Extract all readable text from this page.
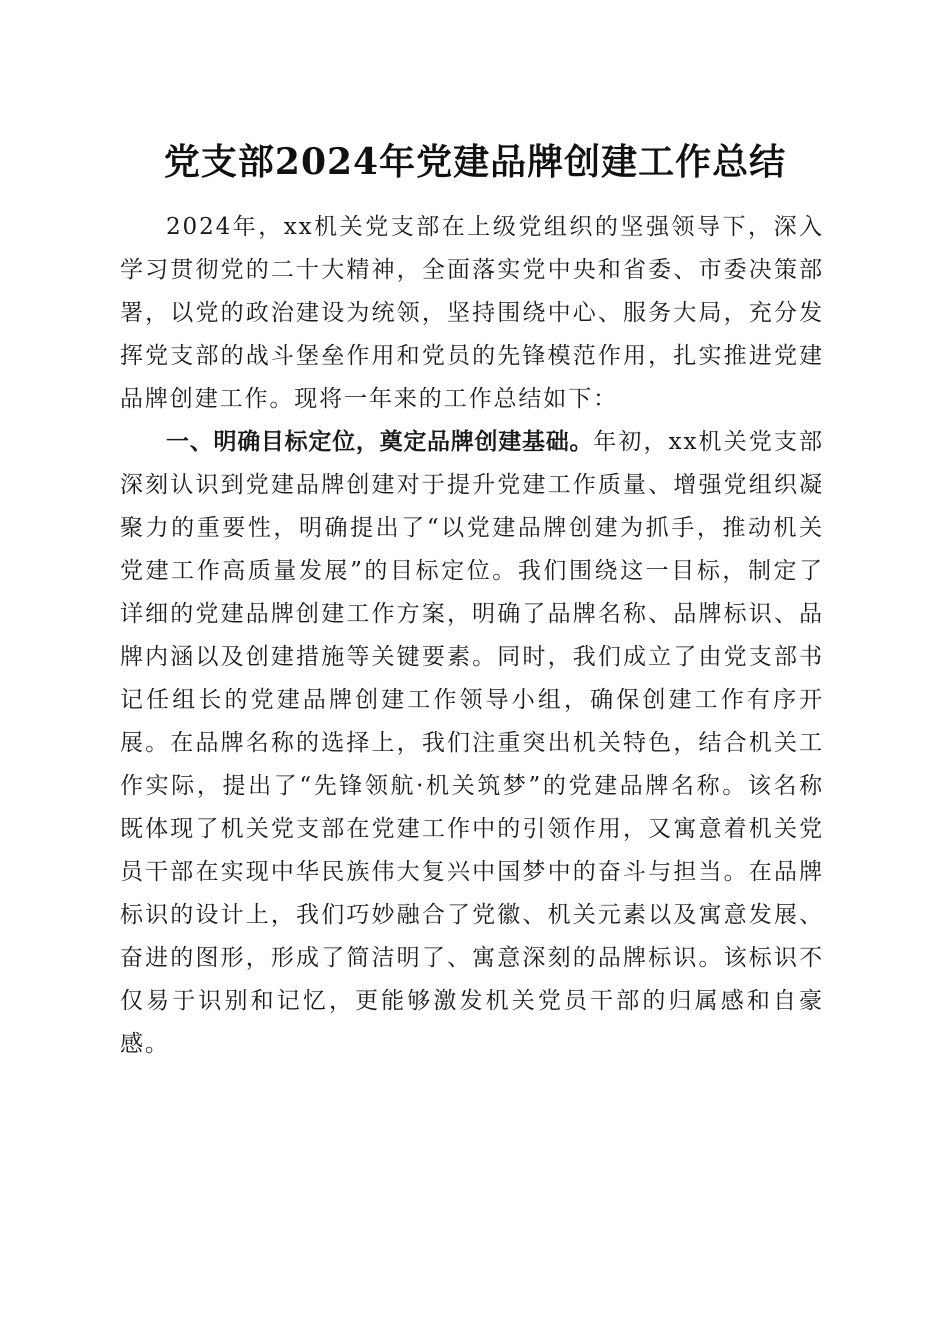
党支部2024年党建品牌创建工作总结

2024年，xx机关党支部在上级党组织的坚强领导下，深入学习贯彻党的二十大精神，全面落实党中央和省委、市委决策部署，以党的政治建设为统领，坚持围绕中心、服务大局，充分发挥党支部的战斗堡垒作用和党员的先锋模范作用，扎实推进党建品牌创建工作。现将一年来的工作总结如下：

一、明确目标定位，奠定品牌创建基础。年初，xx机关党支部深刻认识到党建品牌创建对于提升党建工作质量、增强党组织凝聚力的重要性，明确提出了“以党建品牌创建为抓手，推动机关党建工作高质量发展”的目标定位。我们围绕这一目标，制定了详细的党建品牌创建工作方案，明确了品牌名称、品牌标识、品牌内涵以及创建措施等关键要素。同时，我们成立了由党支部书记任组长的党建品牌创建工作领导小组，确保创建工作有序开展。在品牌名称的选择上，我们注重突出机关特色，结合机关工作实际，提出了“先锋领航·机关筑梦”的党建品牌名称。该名称既体现了机关党支部在党建工作中的引领作用，又寓意着机关党员干部在实现中华民族伟大复兴中国梦中的奋斗与担当。在品牌标识的设计上，我们巧妙融合了党徽、机关元素以及寓意发展、奋进的图形，形成了简洁明了、寓意深刻的品牌标识。该标识不仅易于识别和记忆，更能够激发机关党员干部的归属感和自豪感。
